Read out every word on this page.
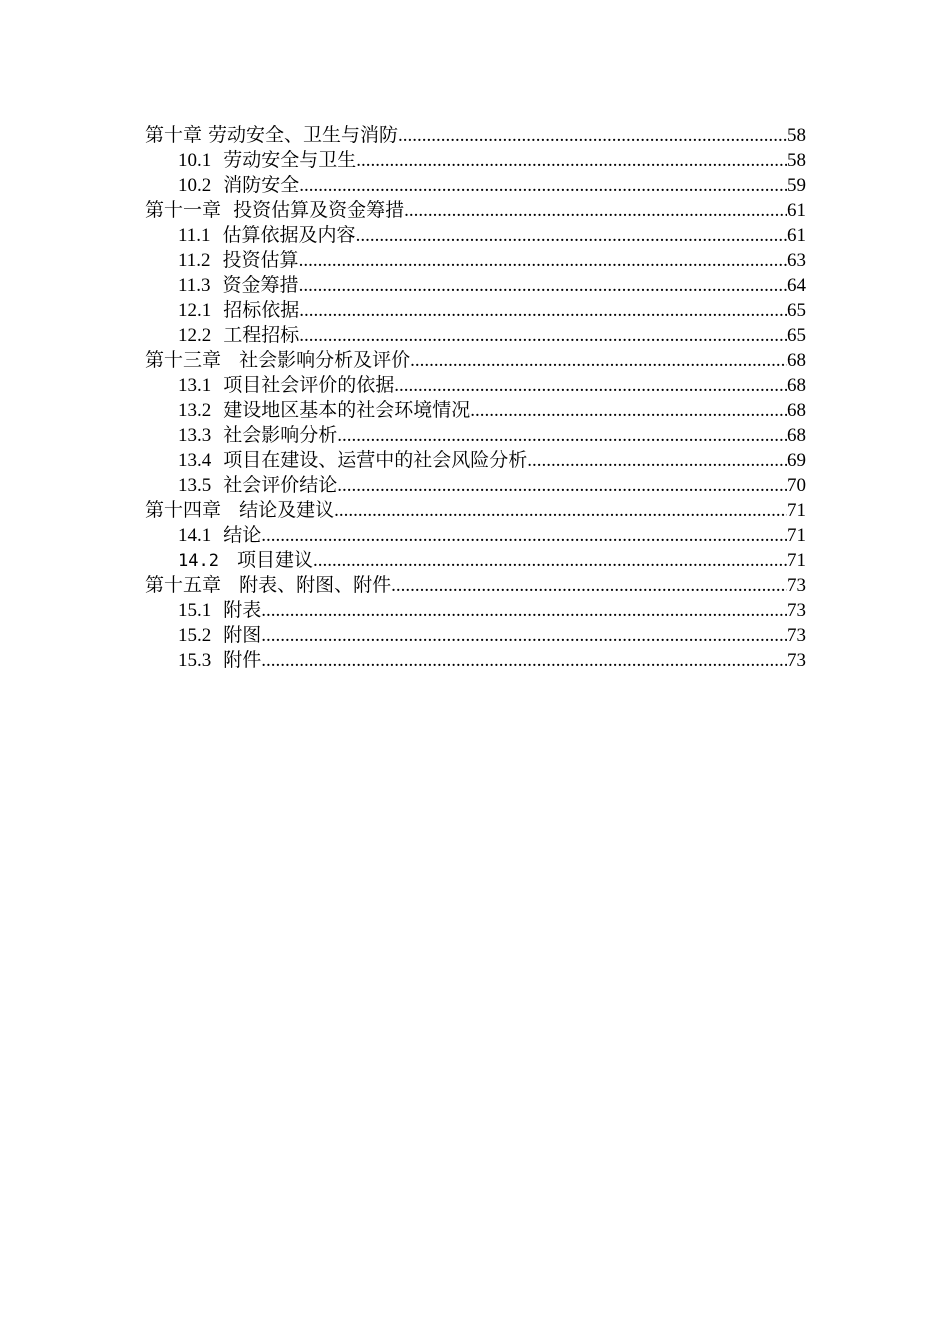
第十章 劳动安全、卫生与消防 .....	58
10.1 劳动安全与卫生 .....	58
10.2 消防安全 .....	59
第十一章  投资估算及资金筹措 .....	61
11.1 估算依据及内容 .....	61
11.2 投资估算 .....	63
11.3 资金筹措 .....	64
12.1 招标依据 .....	65
12.2 工程招标 .....	65
第十三章   社会影响分析及评价 .....	68
13.1 项目社会评价的依据 .....	68
13.2 建设地区基本的社会环境情况 .....	68
13.3 社会影响分析 .....	68
13.4 项目在建设、运营中的社会风险分析 .....	69
13.5 社会评价结论 .....	70
第十四章   结论及建议 .....	71
14.1 结论 .....	71
14.2 项目建议 .....	71
第十五章   附表、附图、附件 .....	73
15.1 附表 .....	73
15.2 附图 .....	73
15.3 附件 .....	73
